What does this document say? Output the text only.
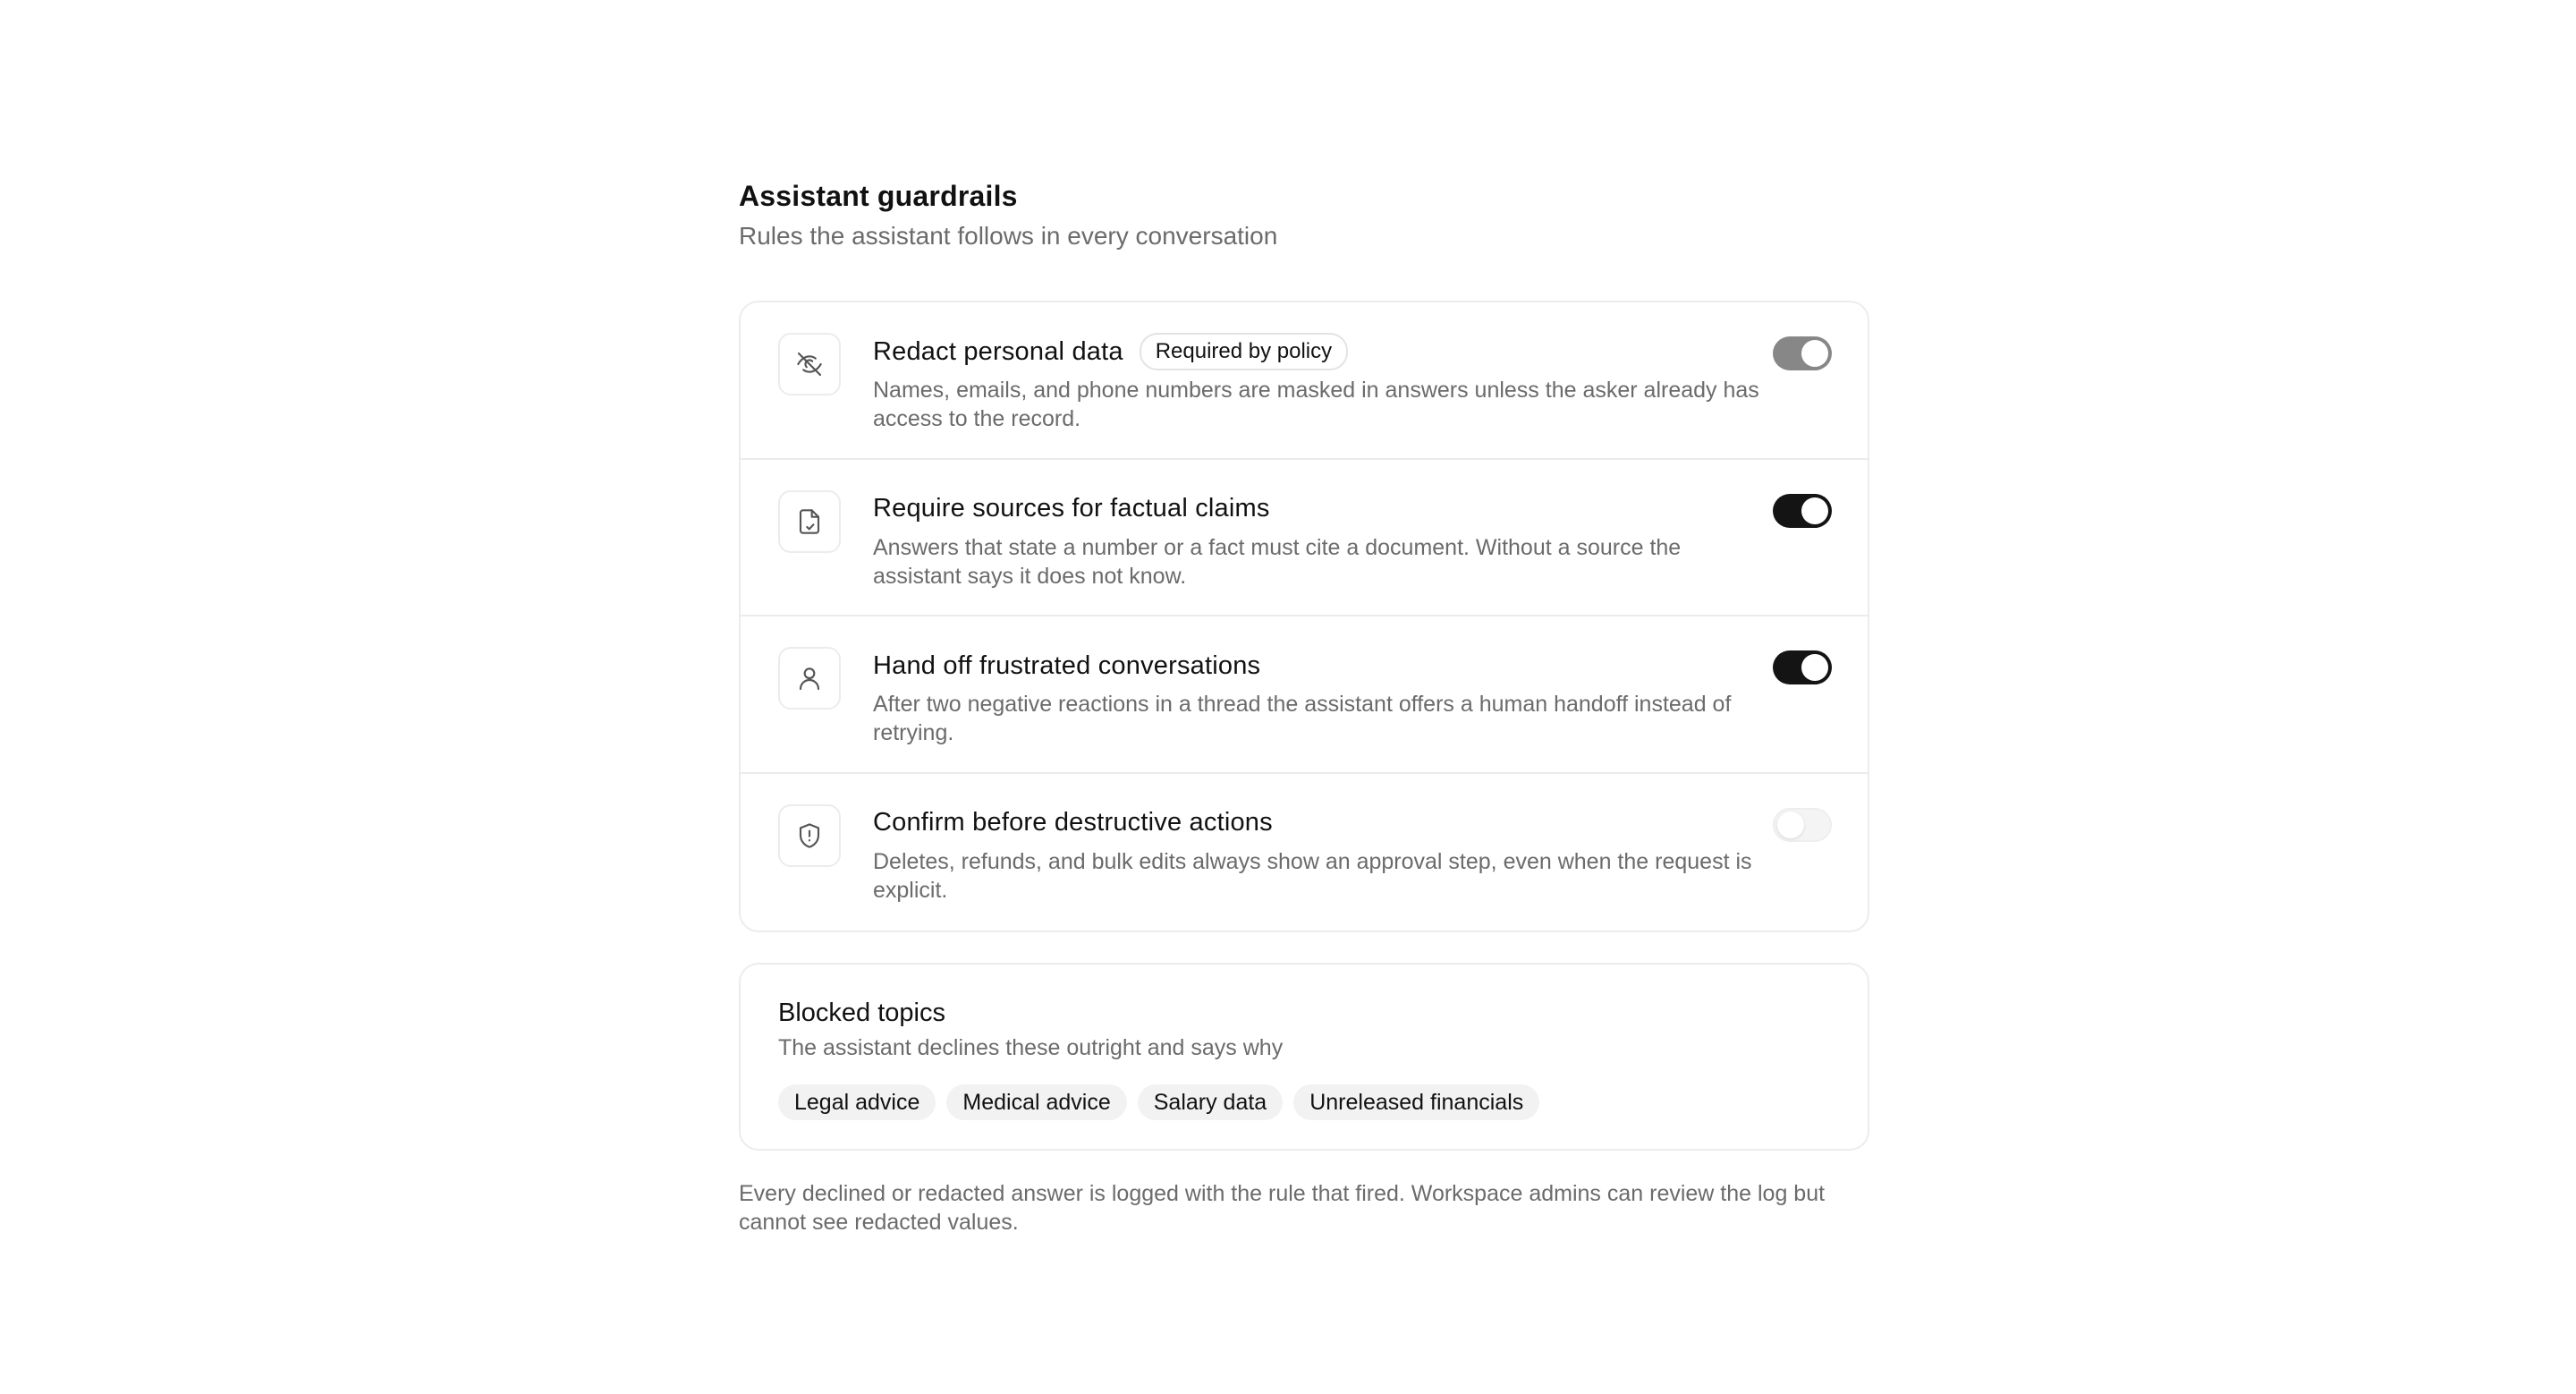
Assistant guardrails

Rules the assistant follows in every conversation

Redact personal data	Required by policy
Names, emails, and phone numbers are masked in answers unless the asker already has access to the record.
Require sources for factual claims
Answers that state a number or a fact must cite a document. Without a source the assistant says it does not know.
Hand off frustrated conversations
After two negative reactions in a thread the assistant offers a human handoff instead of retrying.
Confirm before destructive actions
Deletes, refunds, and bulk edits always show an approval step, even when the request is explicit.
Blocked topics
The assistant declines these outright and says why
Legal advice	Medical advice	Salary data	Unreleased financials
Every declined or redacted answer is logged with the rule that fired. Workspace admins can review the log but cannot see redacted values.
